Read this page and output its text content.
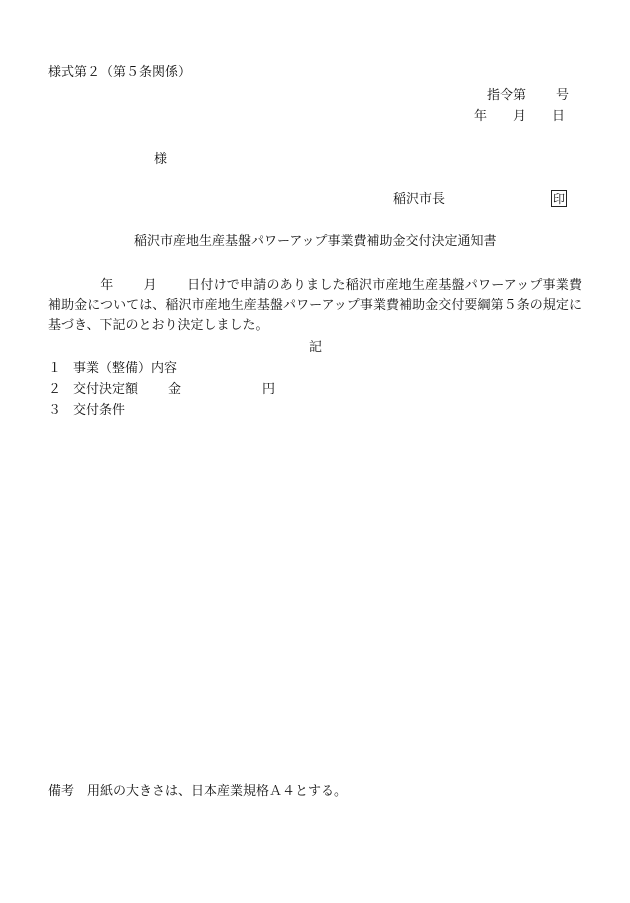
様式第２（第５条関係）
指令第 号
年 月 日
様
稲沢市長	印
稲沢市産地生産基盤パワーアップ事業費補助金交付決定通知書
年 月 日付けで申請のありました稲沢市産地生産基盤パワーアップ事業費補助金については、稲沢市産地生産基盤パワーアップ事業費補助金交付要綱第５条の規定に基づき、下記のとおり決定しました。
記
１ 事業（整備）内容
２ 交付決定額 金	円
３ 交付条件
備考　用紙の大きさは、日本産業規格Ａ４とする。
